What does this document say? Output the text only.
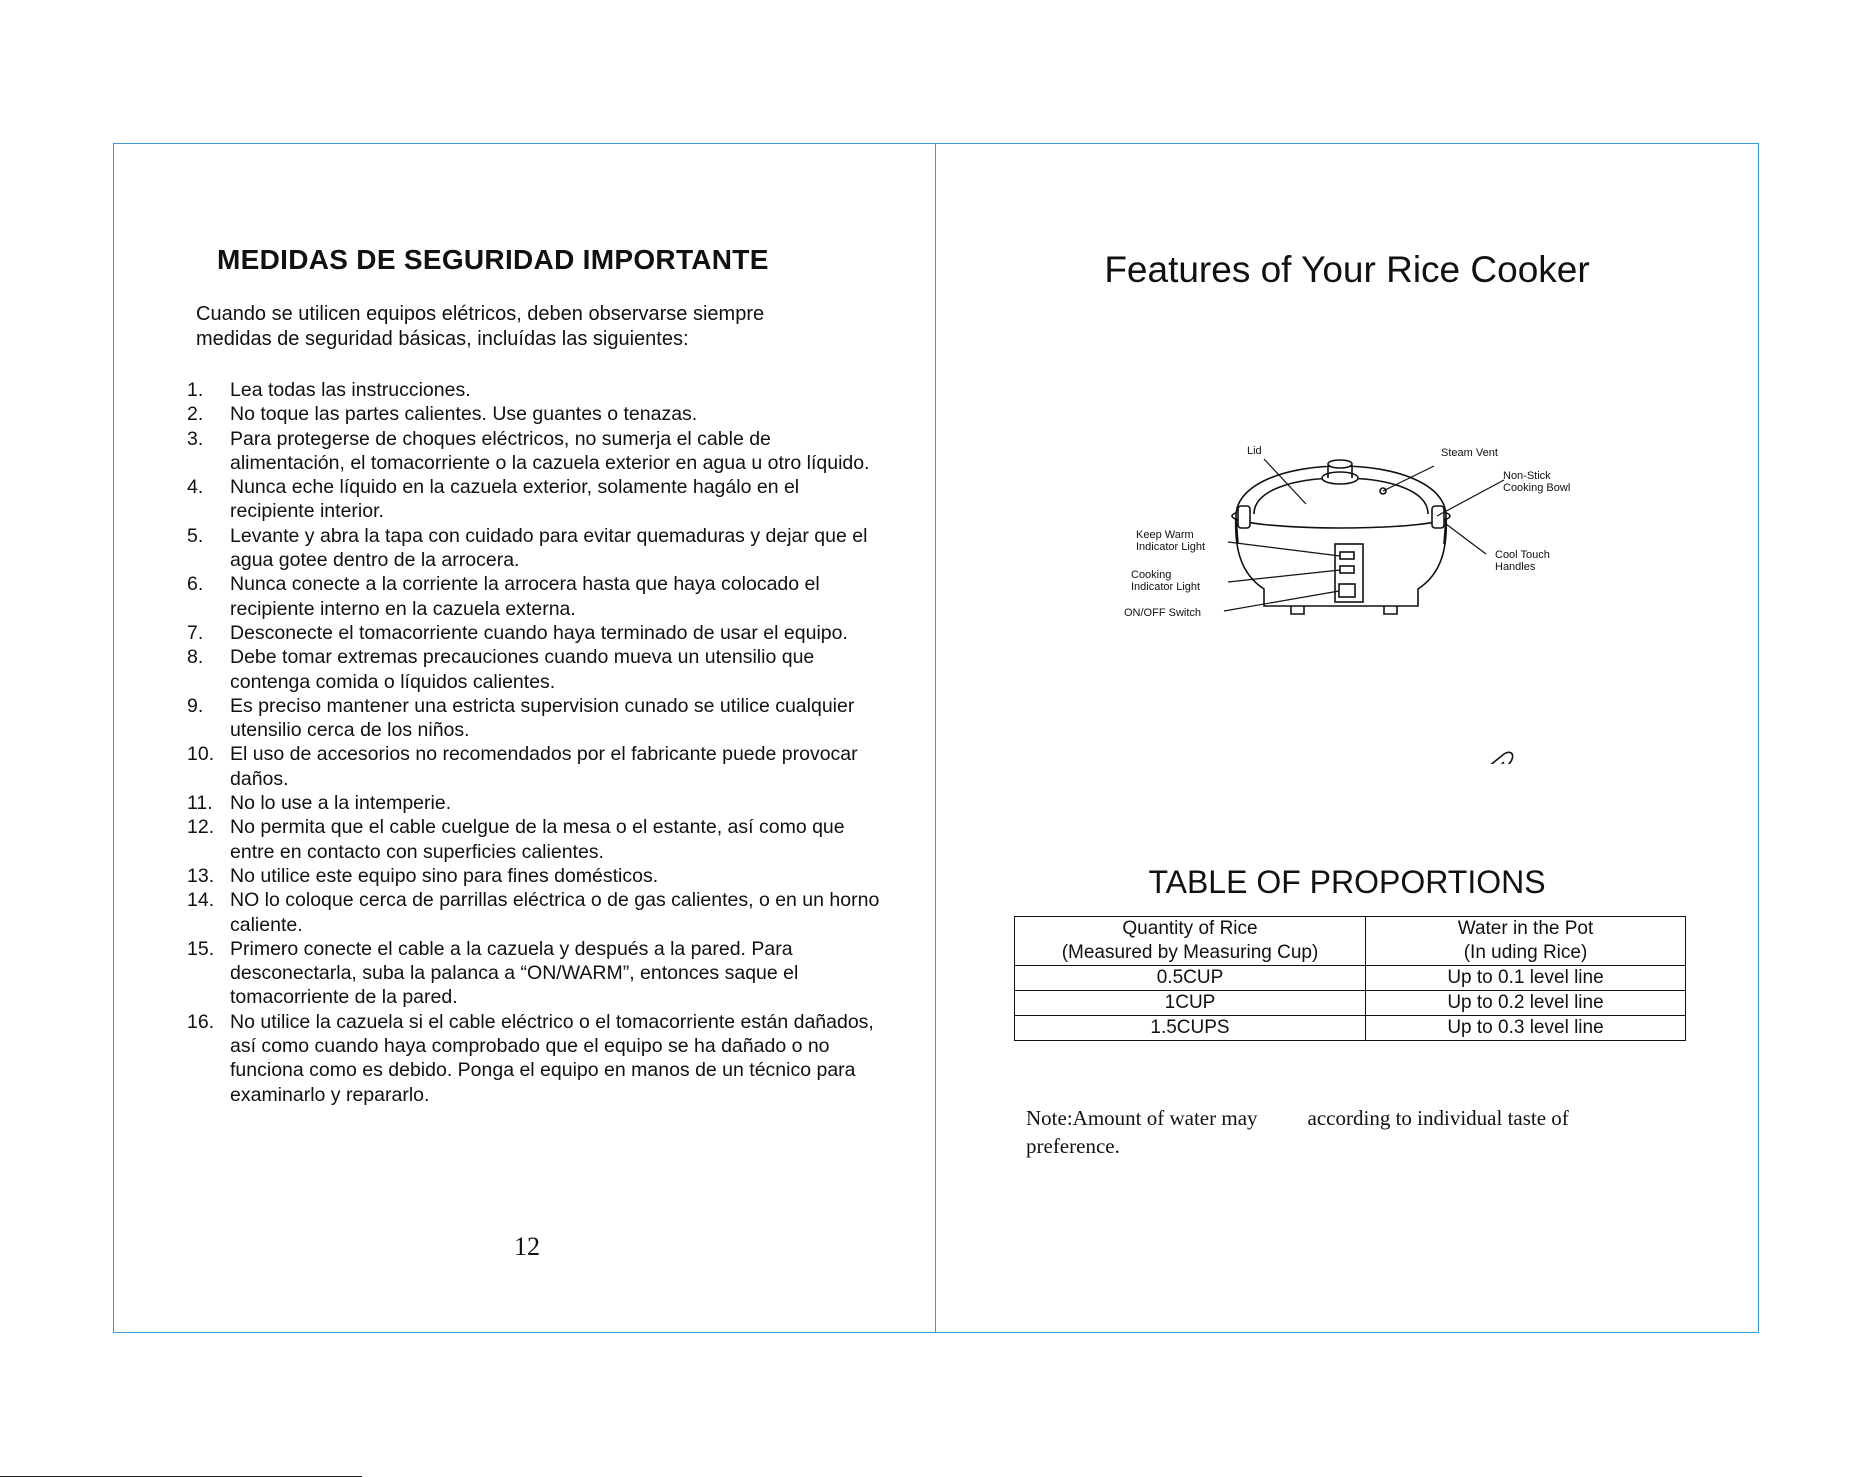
MEDIDAS DE SEGURIDAD IMPORTANTE

Cuando se utilicen equipos elétricos, deben observarse siempre medidas de seguridad básicas, incluídas las siguientes:

1. Lea todas las instrucciones.
2. No toque las partes calientes. Use guantes o tenazas.
3. Para protegerse de choques eléctricos, no sumerja el cable de alimentación, el tomacorriente o la cazuela exterior en agua u otro líquido.
4. Nunca eche líquido en la cazuela exterior, solamente hagálo en el recipiente interior.
5. Levante y abra la tapa con cuidado para evitar quemaduras y dejar que el agua gotee dentro de la arrocera.
6. Nunca conecte a la corriente la arrocera hasta que haya colocado el recipiente interno en la cazuela externa.
7. Desconecte el tomacorriente cuando haya terminado de usar el equipo.
8. Debe tomar extremas precauciones cuando mueva un utensilio que contenga comida o líquidos calientes.
9. Es preciso mantener una estricta supervision cunado se utilice cualquier utensilio cerca de los niños.
10. El uso de accesorios no recomendados por el fabricante puede provocar daños.
11. No lo use a la intemperie.
12. No permita que el cable cuelgue de la mesa o el estante, así como que entre en contacto con superficies calientes.
13. No utilice este equipo sino para fines domésticos.
14. NO lo coloque cerca de parrillas eléctrica o de gas calientes, o en un horno caliente.
15. Primero conecte el cable a la cazuela y después a la pared. Para desconectarla, suba la palanca a “ON/WARM”, entonces saque el tomacorriente de la pared.
16. No utilice la cazuela si el cable eléctrico o el tomacorriente están dañados, así como cuando haya comprobado que el equipo se ha dañado o no funciona como es debido. Ponga el equipo en manos de un técnico para examinarlo y repararlo.

12

Features of Your Rice Cooker
Lid	Steam Vent
Non-Stick
Cooking Bowl
Keep Warm
Indicator Light
Cooking
Indicator Light
ON/OFF Switch
Cool Touch
Handles
TABLE OF PROPORTIONS
Quantity of Rice
(Measured by Measuring Cup)	Water in the Pot
(In uding Rice)
0.5CUP	Up to 0.1 level line
1CUP	Up to 0.2 level line
1.5CUPS	Up to 0.3 level line

Note:Amount of water may according to individual taste of preference.
